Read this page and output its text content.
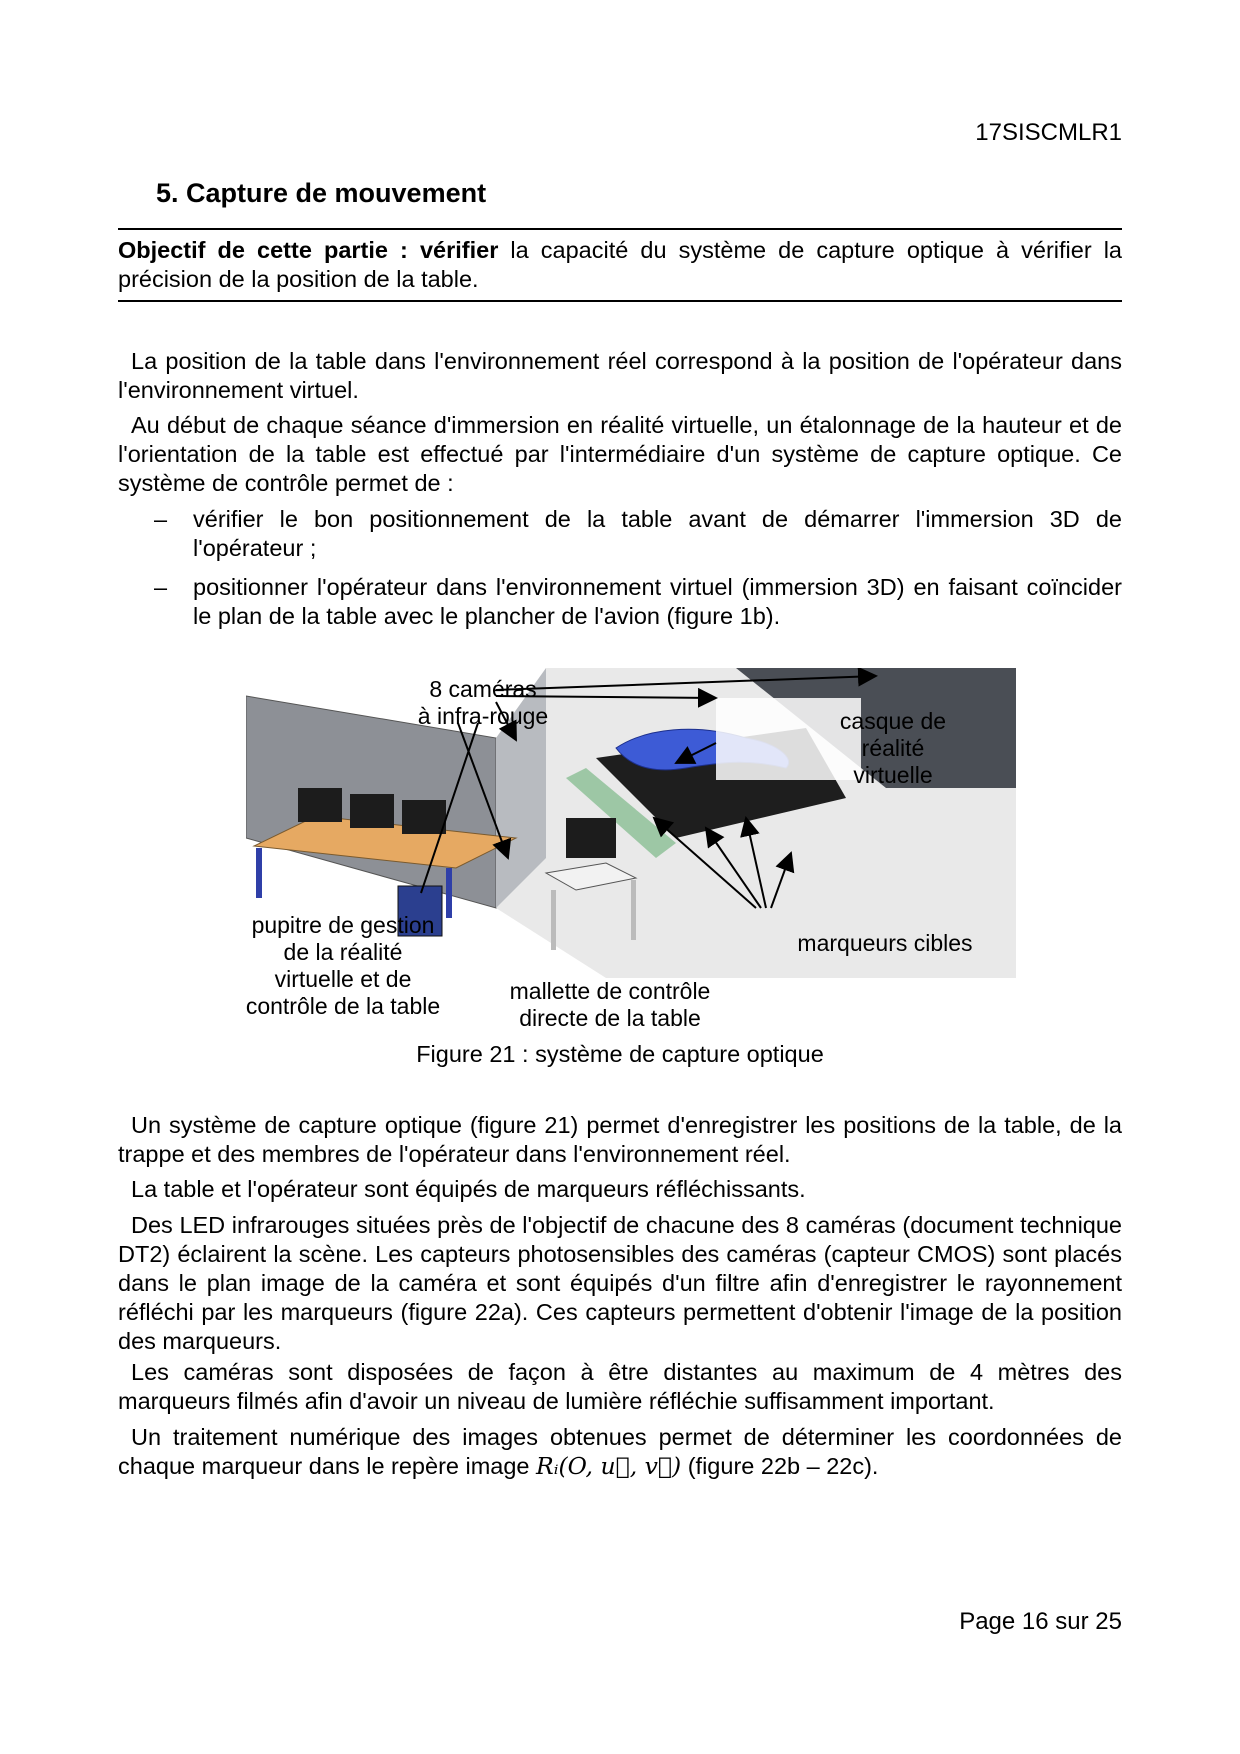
17SISCMLR1
5. Capture de mouvement
Objectif de cette partie : vérifier la capacité du système de capture optique à vérifier la précision de la position de la table.
La position de la table dans l'environnement réel correspond à la position de l'opérateur dans l'environnement virtuel.
Au début de chaque séance d'immersion en réalité virtuelle, un étalonnage de la hauteur et de l'orientation de la table est effectué par l'intermédiaire d'un système de capture optique. Ce système de contrôle permet de :
– vérifier le bon positionnement de la table avant de démarrer l'immersion 3D de l'opérateur ;
– positionner l'opérateur dans l'environnement virtuel (immersion 3D) en faisant coïncider le plan de la table avec le plancher de l'avion (figure 1b).
8 caméras
à infra-rouge	casque de
réalité
virtuelle
pupitre de gestion
de la réalité
virtuelle et de
contrôle de la table
mallette de contrôle
directe de la table
marqueurs cibles
Figure 21 : système de capture optique
Un système de capture optique (figure 21) permet d'enregistrer les positions de la table, de la trappe et des membres de l'opérateur dans l'environnement réel.
La table et l'opérateur sont équipés de marqueurs réfléchissants.
Des LED infrarouges situées près de l'objectif de chacune des 8 caméras (document technique DT2) éclairent la scène. Les capteurs photosensibles des caméras (capteur CMOS) sont placés dans le plan image de la caméra et sont équipés d'un filtre afin d'enregistrer le rayonnement réfléchi par les marqueurs (figure 22a). Ces capteurs permettent d'obtenir l'image de la position des marqueurs.
Les caméras sont disposées de façon à être distantes au maximum de 4 mètres des marqueurs filmés afin d'avoir un niveau de lumière réfléchie suffisamment important.
Un traitement numérique des images obtenues permet de déterminer les coordonnées de chaque marqueur dans le repère image Rᵢ(O, u⃗, v⃗) (figure 22b – 22c).
Page 16 sur 25
